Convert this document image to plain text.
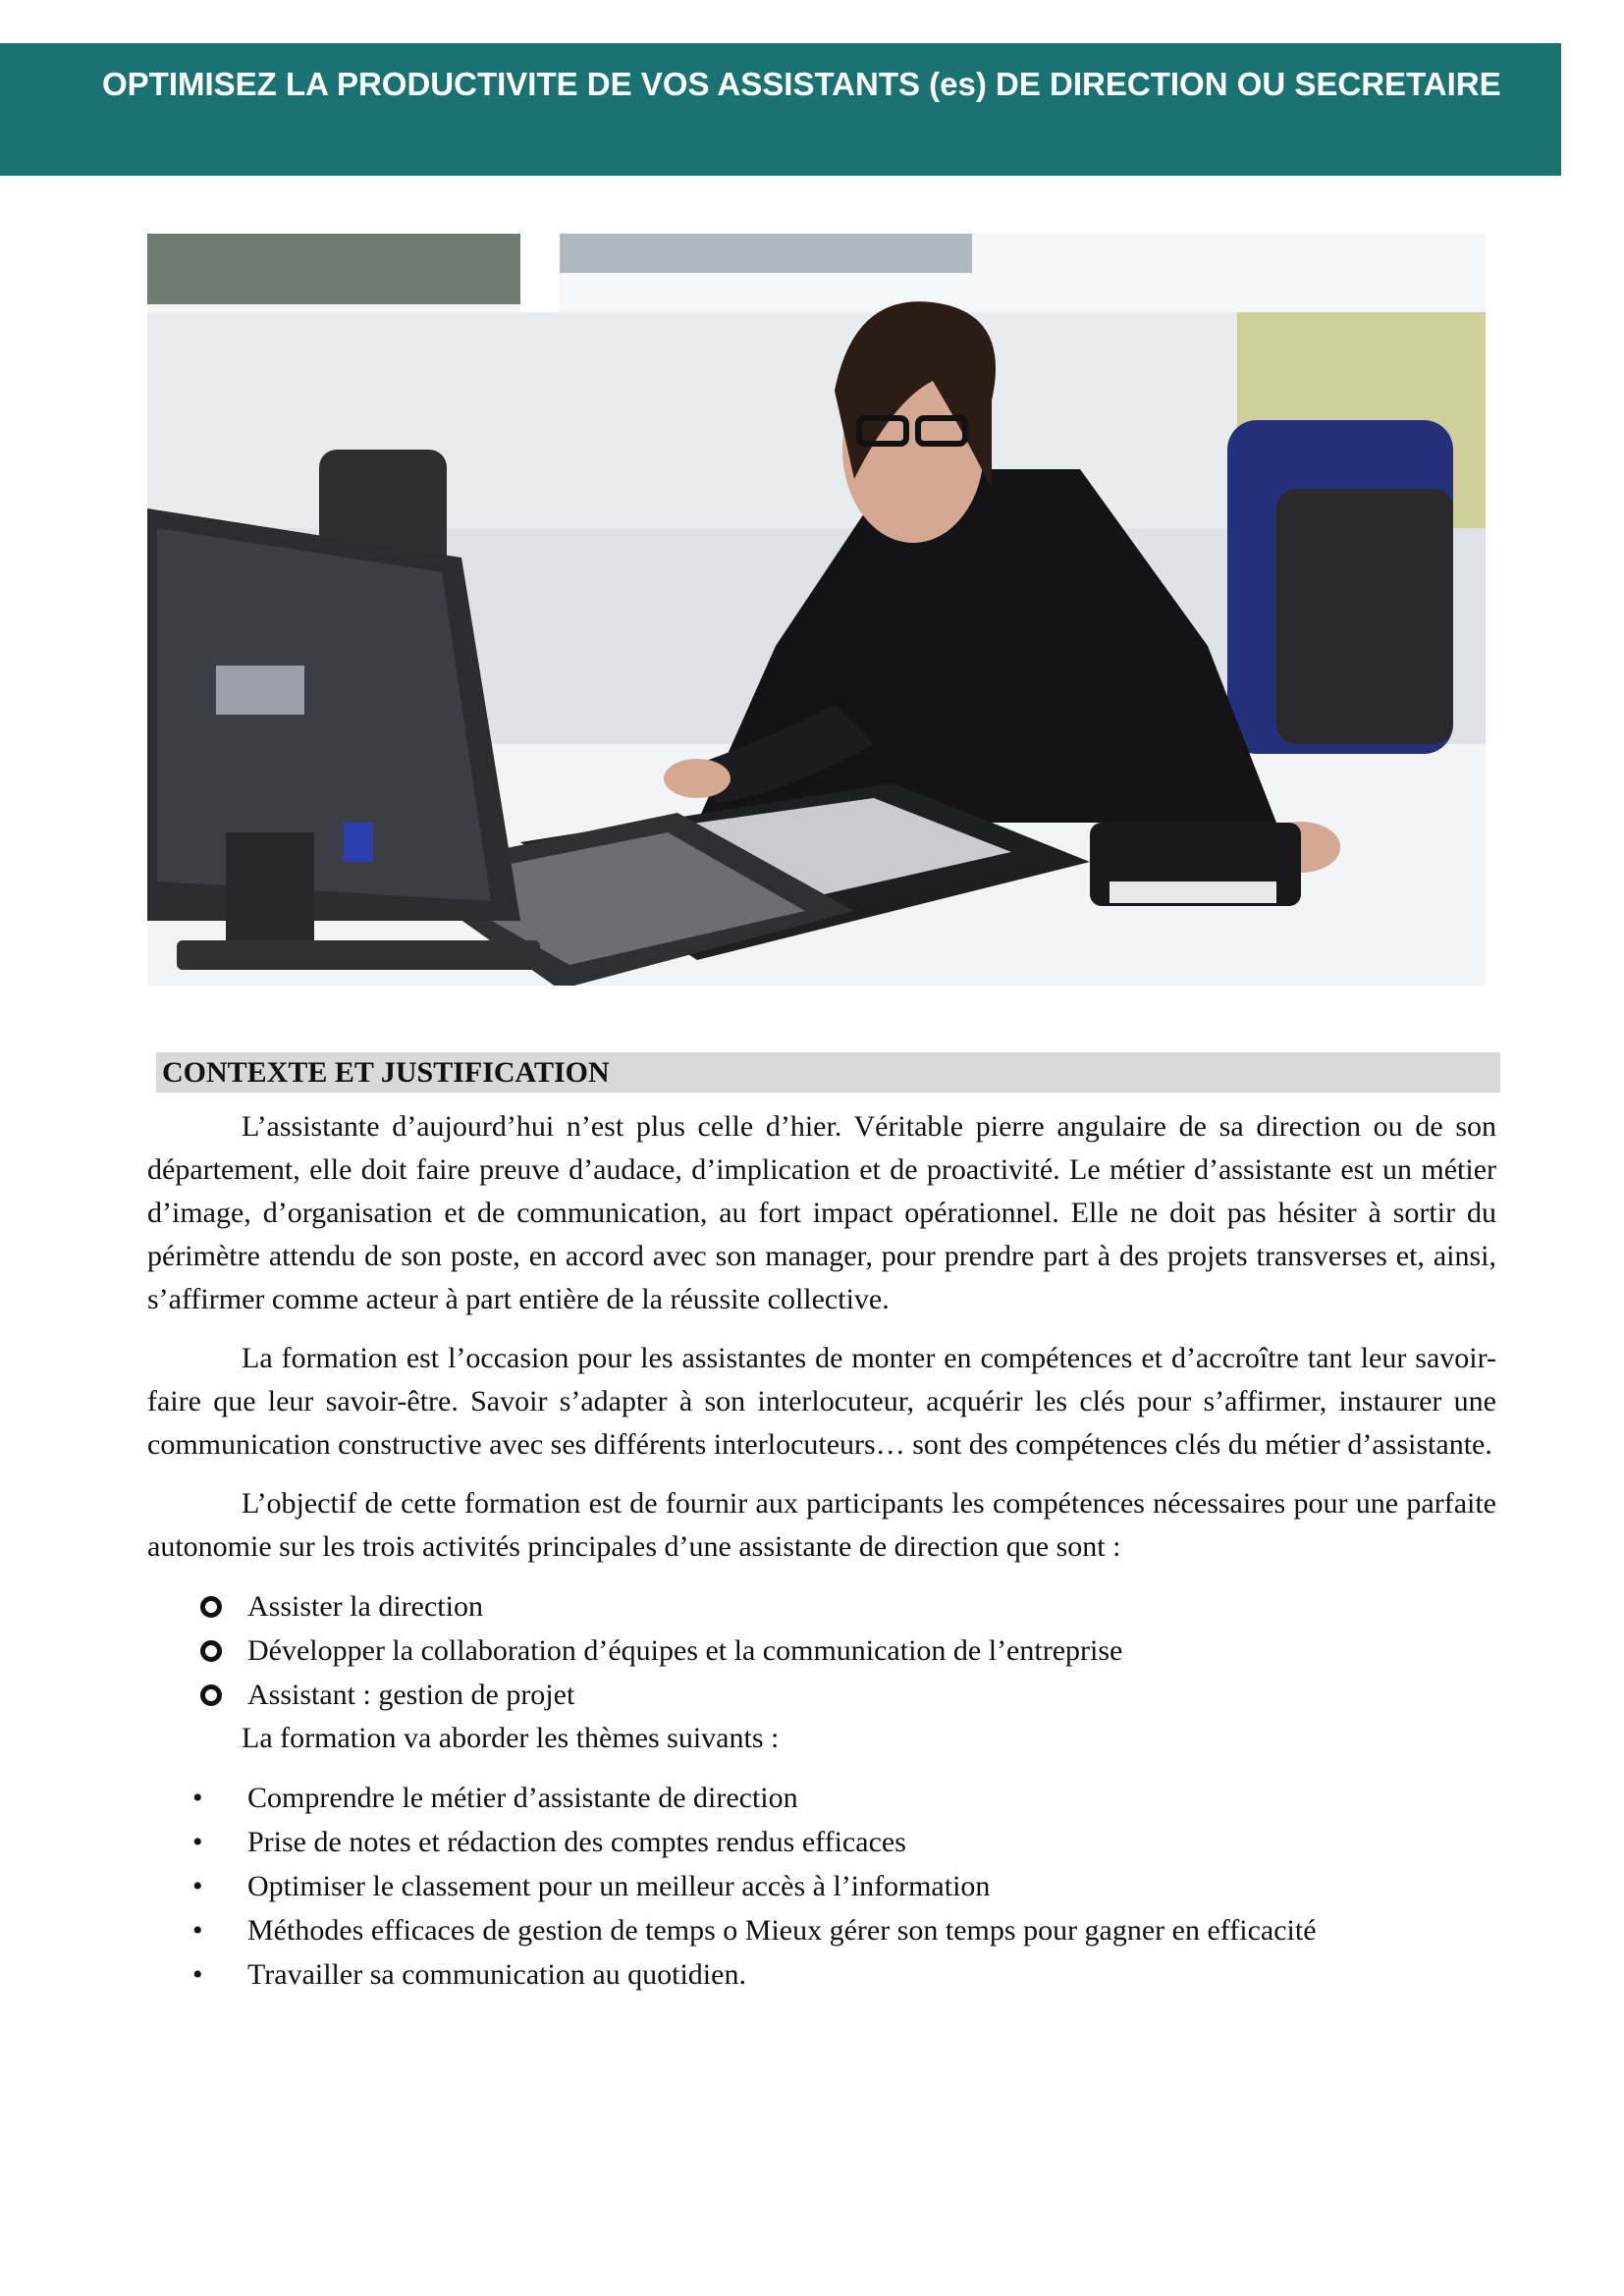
OPTIMISEZ LA PRODUCTIVITE DE VOS ASSISTANTS (es) DE DIRECTION OU SECRETAIRE
CONTEXTE ET JUSTIFICATION

L’assistante d’aujourd’hui n’est plus celle d’hier. Véritable pierre angulaire de sa direction ou de son département, elle doit faire preuve d’audace, d’implication et de proactivité. Le métier d’assistante est un métier d’image, d’organisation et de communication, au fort impact opérationnel. Elle ne doit pas hésiter à sortir du périmètre attendu de son poste, en accord avec son manager, pour prendre part à des projets transverses et, ainsi, s’affirmer comme acteur à part entière de la réussite collective.

La formation est l’occasion pour les assistantes de monter en compétences et d’accroître tant leur savoir-faire que leur savoir-être. Savoir s’adapter à son interlocuteur, acquérir les clés pour s’affirmer, instaurer une communication constructive avec ses différents interlocuteurs… sont des compétences clés du métier d’assistante.

L’objectif de cette formation est de fournir aux participants les compétences nécessaires pour une parfaite autonomie sur les trois activités principales d’une assistante de direction que sont :

Assister la direction
Développer la collaboration d’équipes et la communication de l’entreprise
Assistant : gestion de projet

La formation va aborder les thèmes suivants :

• Comprendre le métier d’assistante de direction
• Prise de notes et rédaction des comptes rendus efficaces
• Optimiser le classement pour un meilleur accès à l’information
• Méthodes efficaces de gestion de temps o Mieux gérer son temps pour gagner en efficacité
• Travailler sa communication au quotidien.
